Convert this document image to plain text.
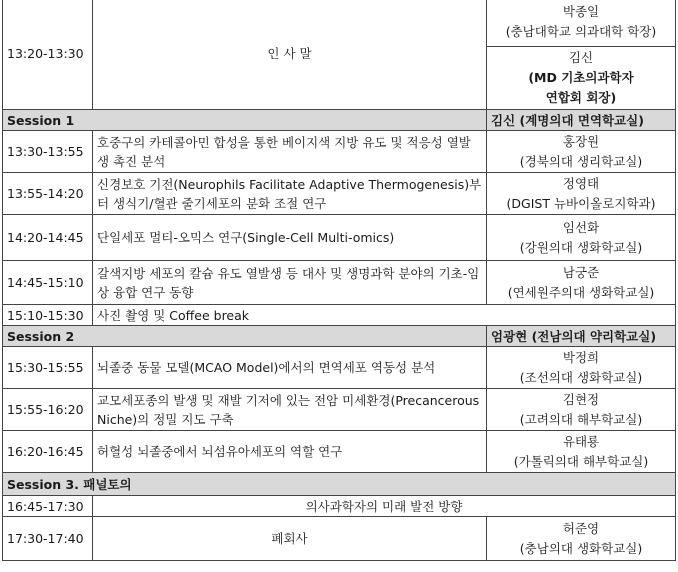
13:20-13:30	인 사 말	박종일
(충남대학교 의과대학 학장)

		김신
(MD 기초의과학자
연합회 회장)

Session 1		김신 (계명의대 면역학교실)
13:30-13:55	호중구의 카테콜아민 합성을 통한 베이지색 지방 유도 및 적응성 열발생 촉진 분석	홍장원
(경북의대 생리학교실)

13:55-14:20	신경보호 기전(Neurophils Facilitate Adaptive Thermogenesis)부터 생식기/혈관 줄기세포의 분화 조절 연구	정영태
(DGIST 뉴바이올로지학과)

14:20-14:45	단일세포 멀티-오믹스 연구(Single-Cell Multi-omics)	임선화
(강원의대 생화학교실)

14:45-15:10	갈색지방 세포의 칼슘 유도 열발생 등 대사 및 생명과학 분야의 기초-임상 융합 연구 동향	남궁준
(연세원주의대 생화학교실)

15:10-15:30	사진 촬영 및 Coffee break	
Session 2		엄광현 (전남의대 약리학교실)
15:30-15:55	뇌졸중 동물 모델(MCAO Model)에서의 면역세포 역동성 분석	박정희
(조선의대 생화학교실)

15:55-16:20	교모세포종의 발생 및 재발 기저에 있는 전암 미세환경(Precancerous Niche)의 정밀 지도 구축	김현정
(고려의대 해부학교실)

16:20-16:45	허혈성 뇌졸중에서 뇌섬유아세포의 역할 연구	유태룡
(가톨릭의대 해부학교실)

Session 3. 패널토의		
16:45-17:30	의사과학자의 미래 발전 방향	
17:30-17:40	폐회사	허준영
(충남의대 생화학교실)
